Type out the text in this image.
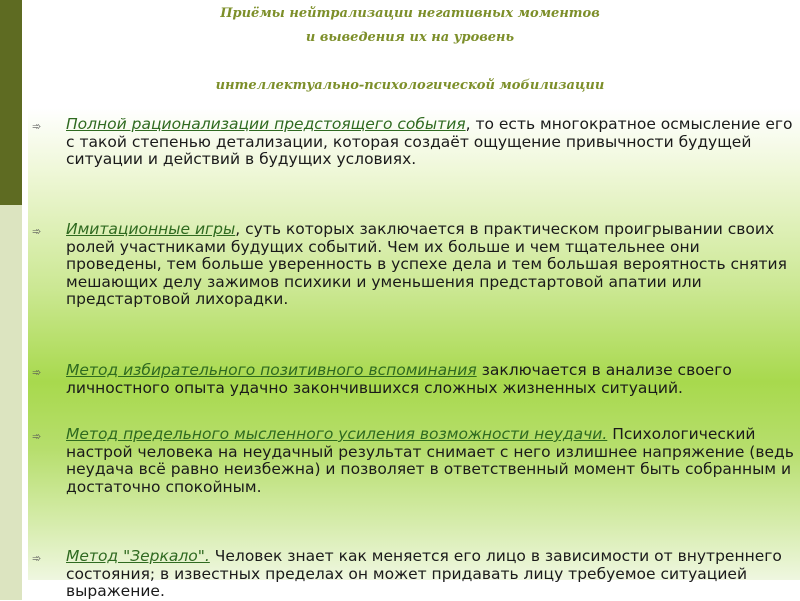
Приёмы нейтрализации негативных моментов
и выведения их на уровень
интеллектуально-психологической мобилизации
➾ Полной рационализации предстоящего события, то есть многократное осмысление его с такой степенью детализации, которая создаёт ощущение привычности будущей ситуации и действий в будущих условиях.
➾ Имитационные игры, суть которых заключается в практическом проигрывании своих ролей участниками будущих событий. Чем их больше и чем тщательнее они проведены, тем больше уверенность в успехе дела и тем большая вероятность снятия мешающих делу зажимов психики и уменьшения предстартовой апатии или предстартовой лихорадки.
➾ Метод избирательного позитивного вспоминания заключается в анализе своего личностного опыта удачно закончившихся сложных жизненных ситуаций.
➾ Метод предельного мысленного усиления возможности неудачи. Психологический настрой человека на неудачный результат снимает с него излишнее напряжение (ведь неудача всё равно неизбежна) и позволяет в ответственный момент быть собранным и достаточно спокойным.
➾ Метод "Зеркало". Человек знает как меняется его лицо в зависимости от внутреннего состояния; в известных пределах он может придавать лицу требуемое ситуацией выражение.
